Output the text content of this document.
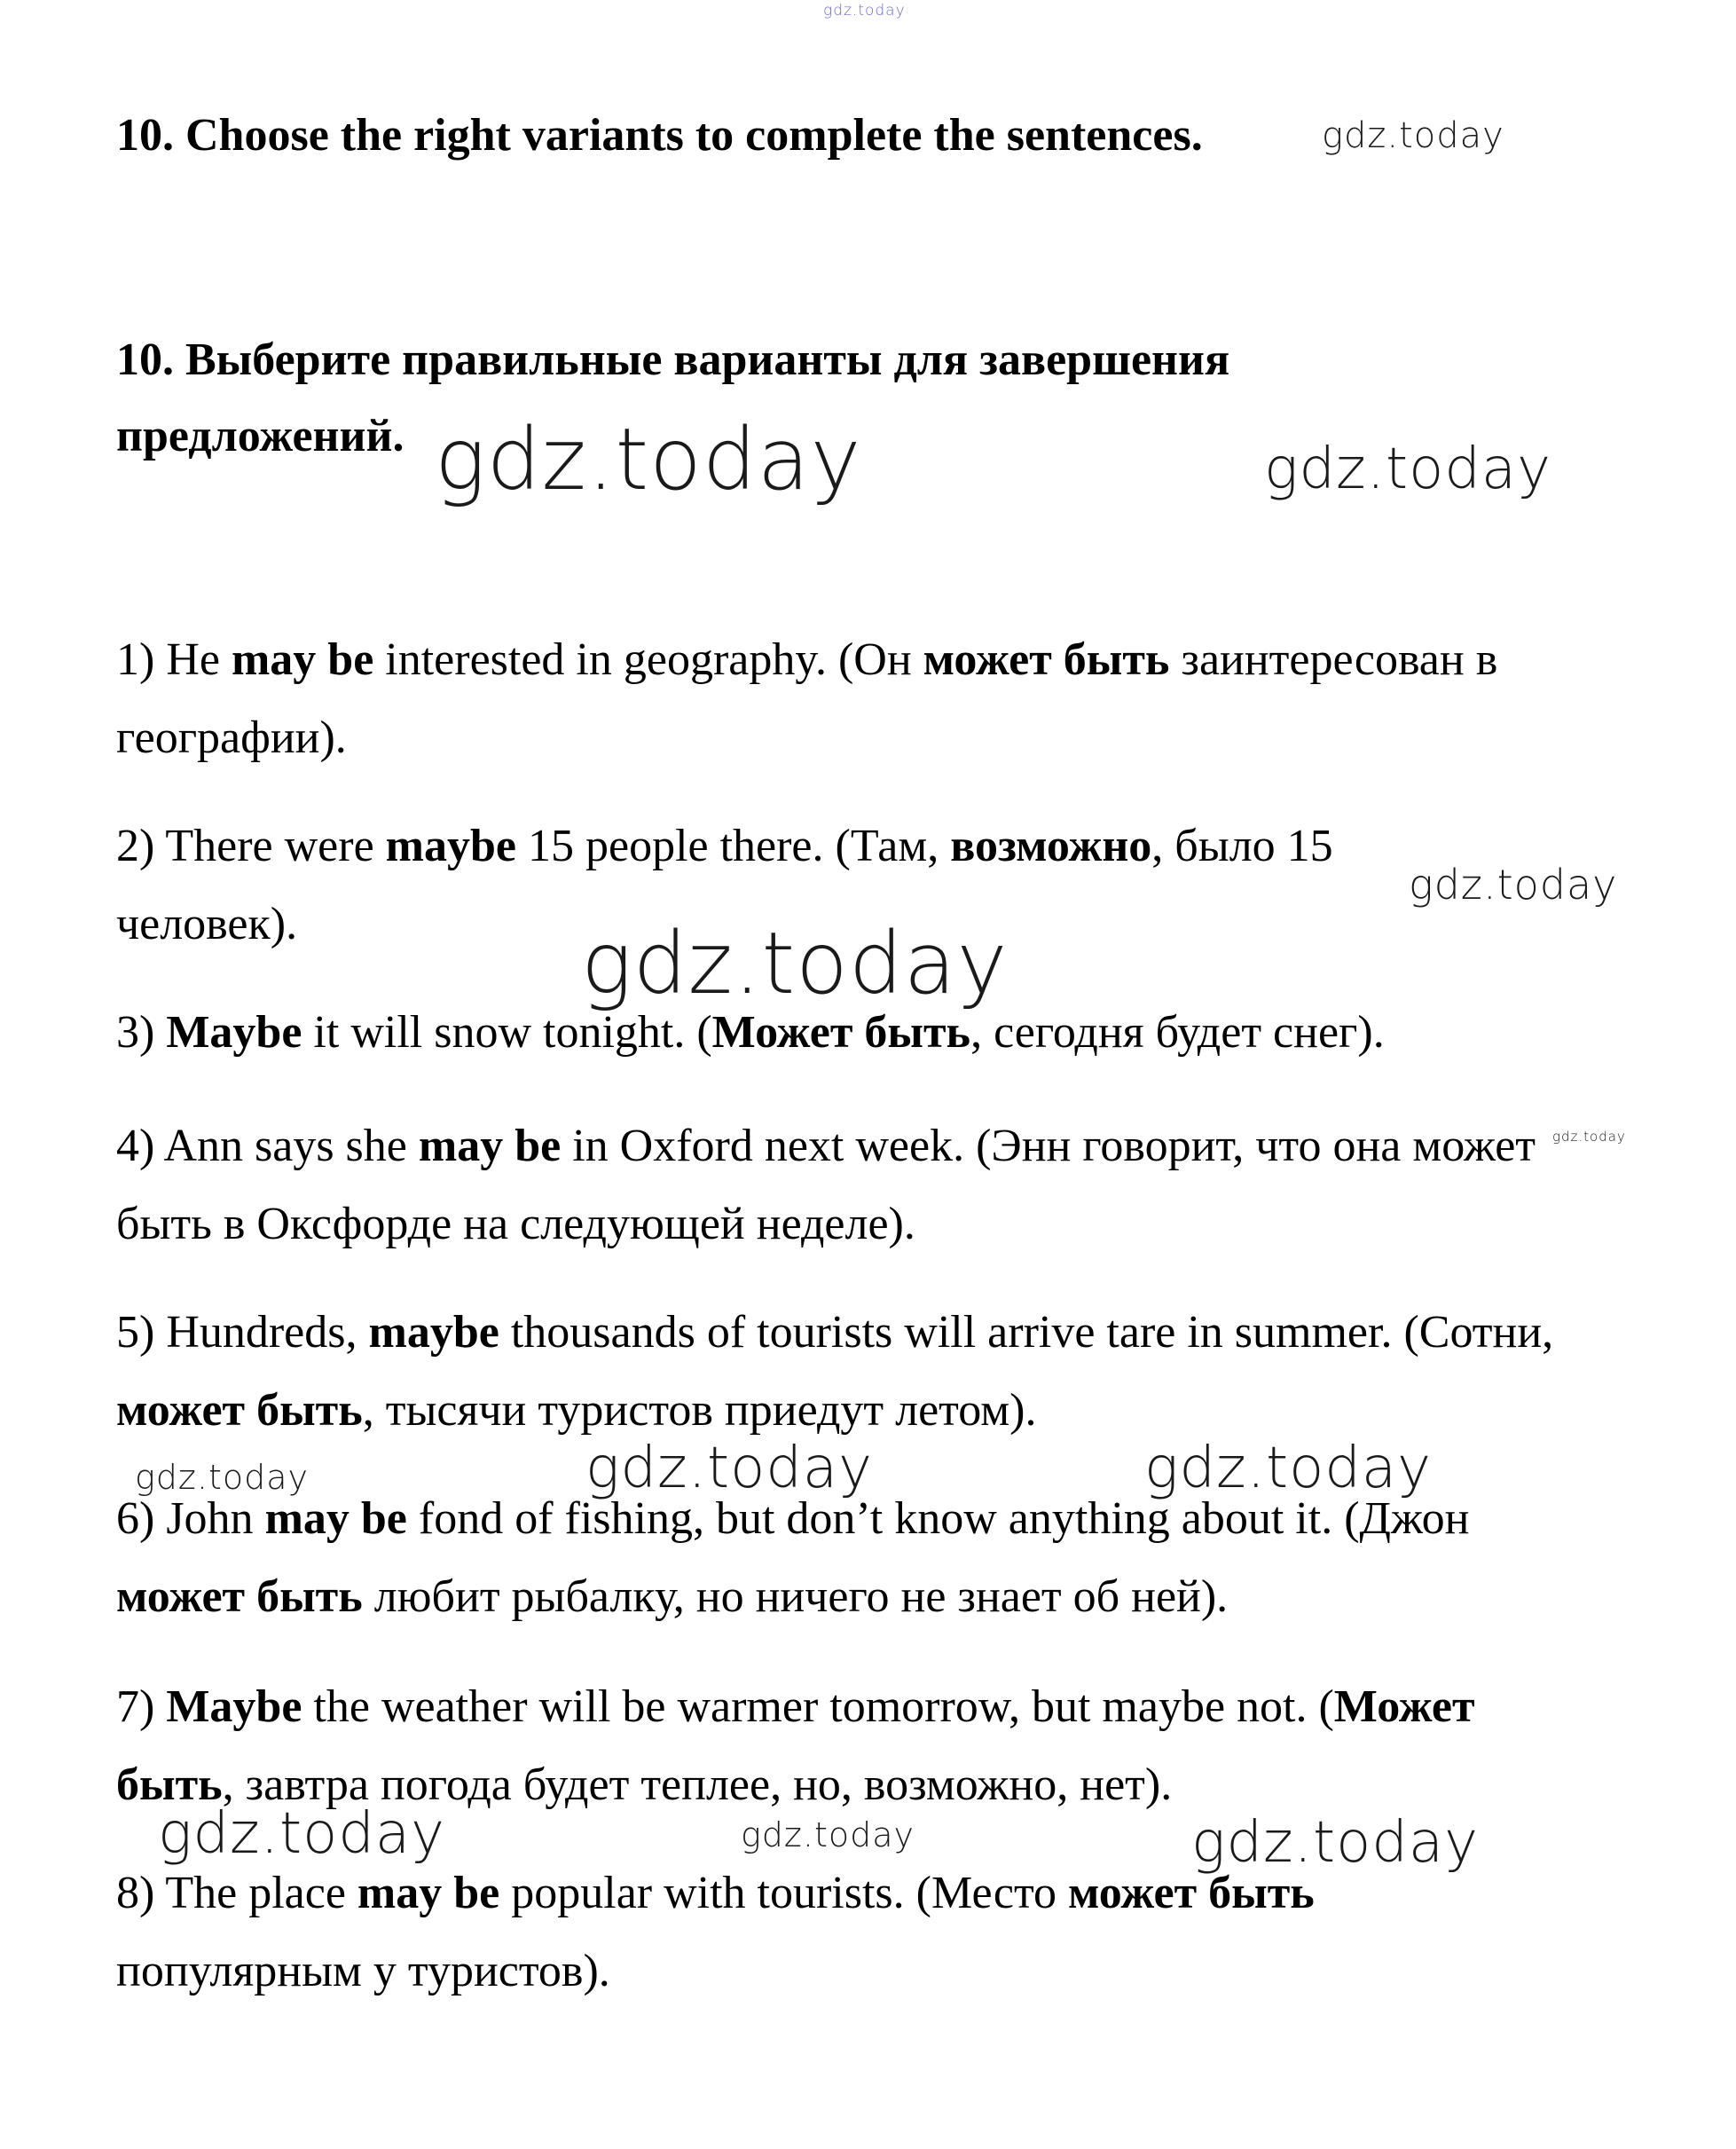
gdz.today
gdz.today
gdz.today	gdz.today
gdz.today
gdz.today
gdz.today
gdz.today	gdz.today	gdz.today
gdz.today	gdz.today	gdz.today
10. Choose the right variants to complete the sentences.
10. Выберите правильные варианты для завершения предложений.

1) He may be interested in geography. (Он может быть заинтересован в географии).

2) There were maybe 15 people there. (Там, возможно, было 15 человек).

3) Maybe it will snow tonight. (Может быть, сегодня будет снег).

4) Ann says she may be in Oxford next week. (Энн говорит, что она может быть в Оксфорде на следующей неделе).

5) Hundreds, maybe thousands of tourists will arrive tare in summer. (Сотни, может быть, тысячи туристов приедут летом).

6) John may be fond of fishing, but don’t know anything about it. (Джон может быть любит рыбалку, но ничего не знает об ней).

7) Maybe the weather will be warmer tomorrow, but maybe not. (Может быть, завтра погода будет теплее, но, возможно, нет).

8) The place may be popular with tourists. (Место может быть популярным у туристов).
